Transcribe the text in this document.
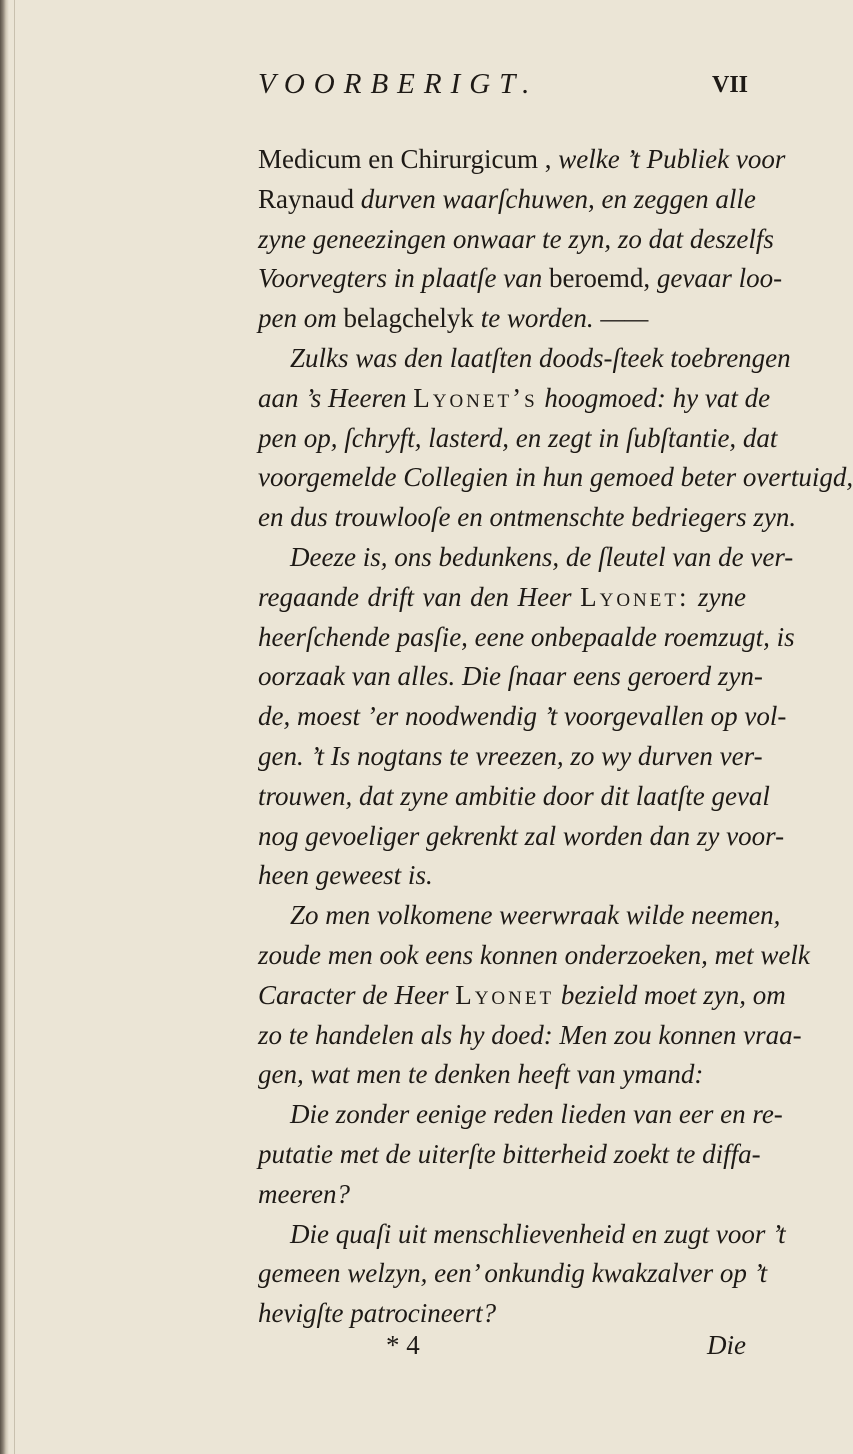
VOORBERIGT.	VII
Medicum en Chirurgicum , welke ’t Publiek voor
Raynaud durven waarſchuwen, en zeggen alle
zyne geneezingen onwaar te zyn, zo dat deszelfs
Voorvegters in plaatſe van beroemd, gevaar loo-
pen om belagchelyk te worden. ——
Zulks was den laatſten doods-ſteek toebrengen
aan ’s Heeren Lyonet’s hoogmoed: hy vat de
pen op, ſchryft, lasterd, en zegt in ſubſtantie, dat
voorgemelde Collegien in hun gemoed beter overtuigd,
en dus trouwlooſe en ontmenschte bedriegers zyn.
Deeze is, ons bedunkens, de ſleutel van de ver-
regaande drift van den Heer Lyonet: zyne
heerſchende pasſie, eene onbepaalde roemzugt, is
oorzaak van alles. Die ſnaar eens geroerd zyn-
de, moest ’er noodwendig ’t voorgevallen op vol-
gen. ’t Is nogtans te vreezen, zo wy durven ver-
trouwen, dat zyne ambitie door dit laatſte geval
nog gevoeliger gekrenkt zal worden dan zy voor-
heen geweest is.
Zo men volkomene weerwraak wilde neemen,
zoude men ook eens konnen onderzoeken, met welk
Caracter de Heer Lyonet bezield moet zyn, om
zo te handelen als hy doed: Men zou konnen vraa-
gen, wat men te denken heeft van ymand:
Die zonder eenige reden lieden van eer en re-
putatie met de uiterſte bitterheid zoekt te diffa-
meeren?
Die quaſi uit menschlievenheid en zugt voor ’t
gemeen welzyn, een’ onkundig kwakzalver op ’t
hevigſte patrocineert?
* 4	Die
